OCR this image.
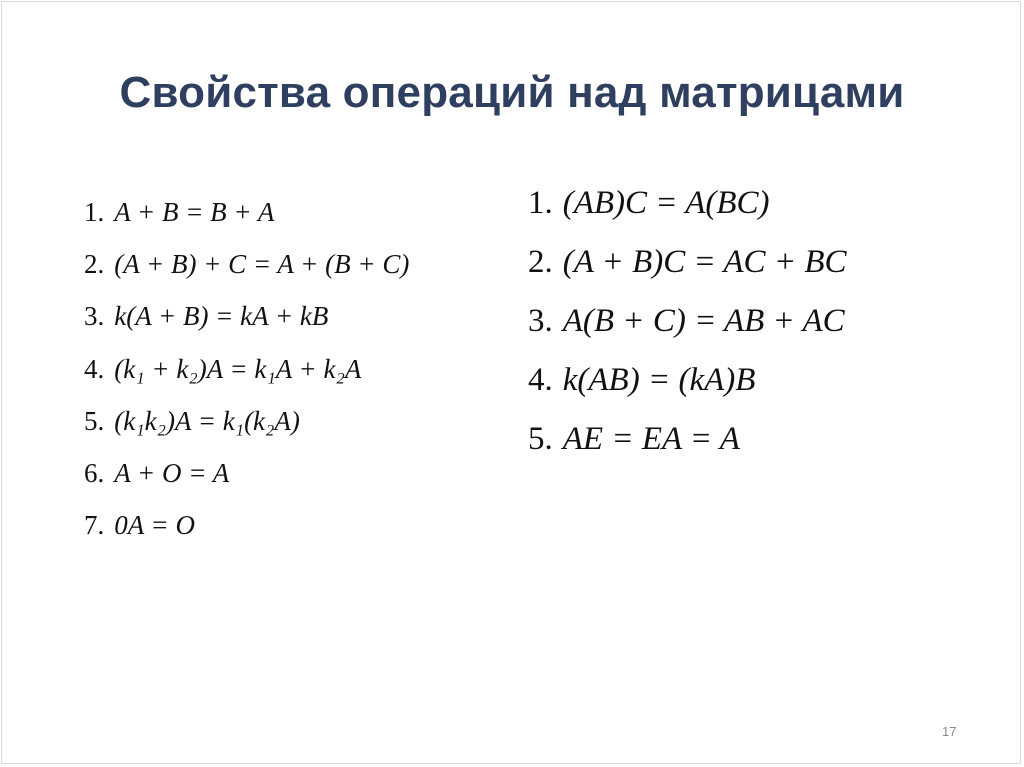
Свойства операций над матрицами
1. A + B = B + A
2. (A + B) + C = A + (B + C)
3. k(A + B) = kA + kB
4. (k₁ + k₂)A = k₁A + k₂A
5. (k₁k₂)A = k₁(k₂A)
6. A + O = A
7. 0A = O
1. (AB)C = A(BC)
2. (A + B)C = AC + BC
3. A(B + C) = AB + AC
4. k(AB) = (kA)B
5. AE = EA = A
17
